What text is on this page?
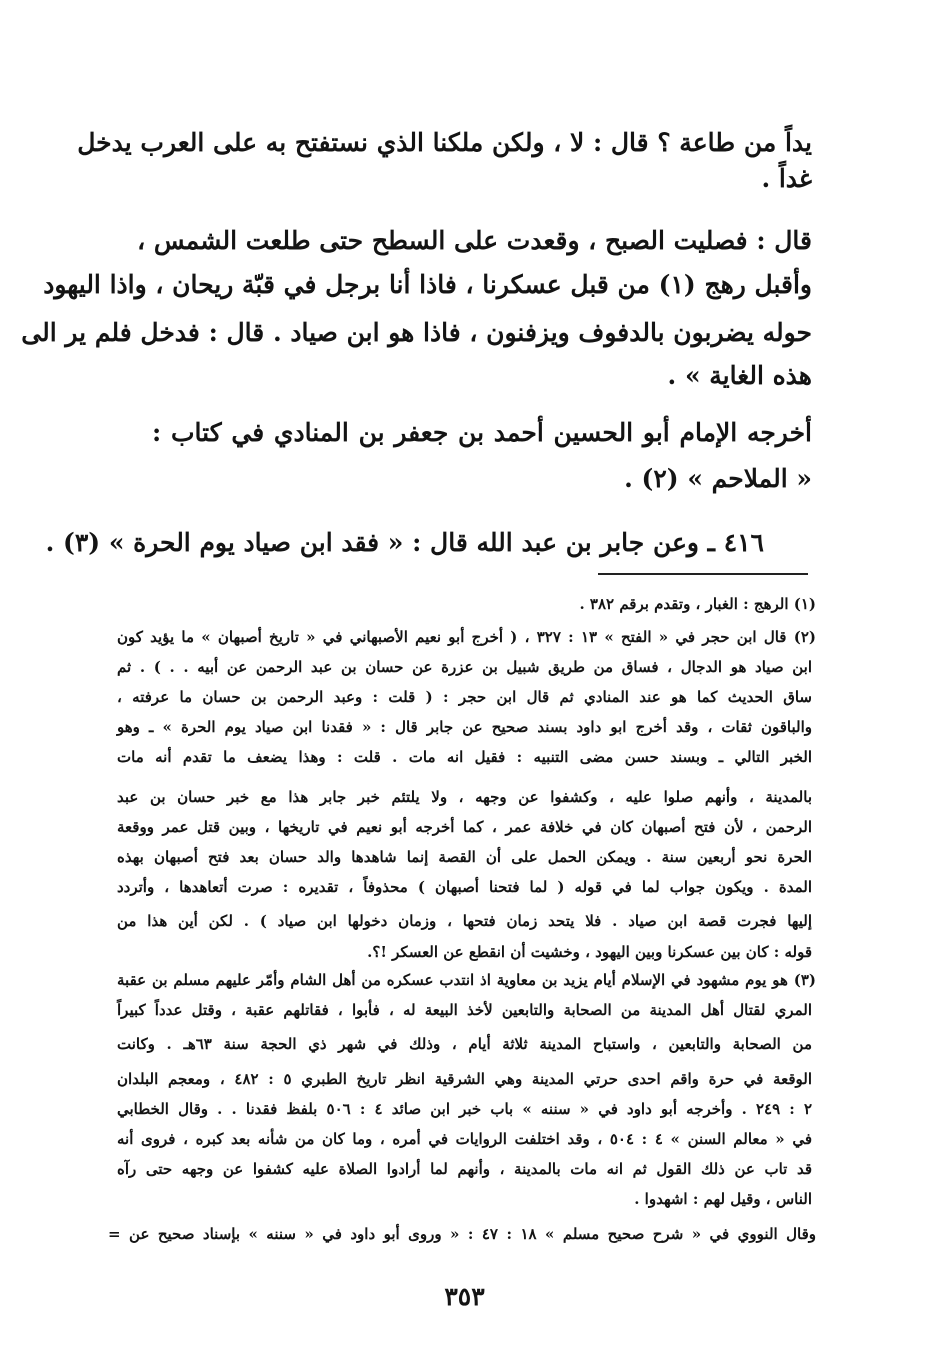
يداً من طاعة ؟ قال : لا ، ولكن ملكنا الذي نستفتح به على العرب يدخل
غداً .
قال : فصليت الصبح ، وقعدت على السطح حتى طلعت الشمس ،
وأقبل رهج (١) من قبل عسكرنا ، فاذا أنا برجل في قبّة ريحان ، واذا اليهود
حوله يضربون بالدفوف ويزفنون ، فاذا هو ابن صياد . قال : فدخل فلم ير الى
هذه الغاية » .
أخرجه الإمام أبو الحسين أحمد بن جعفر بن المنادي في كتاب :
« الملاحم » (٢) .
٤١٦ ـ وعن جابر بن عبد الله قال : « فقد ابن صياد يوم الحرة » (٣) .
(١) الرهج : الغبار ، وتقدم برقم ٣٨٢ .
(٢) قال ابن حجر في « الفتح » ١٣ : ٣٢٧ ، ( أخرج أبو نعيم الأصبهاني في « تاريخ أصبهان » ما يؤيد كون
ابن صياد هو الدجال ، فساق من طريق شبيل بن عزرة عن حسان بن عبد الرحمن عن أبيه . . ) . ثم
ساق الحديث كما هو عند المنادي ثم قال ابن حجر : ( قلت : وعبد الرحمن بن حسان ما عرفته ،
والباقون ثقات ، وقد أخرج ابو داود بسند صحيح عن جابر قال : « فقدنا ابن صياد يوم الحرة » ـ وهو
الخبر التالي ـ وبسند حسن مضى التنبيه : فقيل انه مات . قلت : وهذا يضعف ما تقدم أنه مات
بالمدينة ، وأنهم صلوا عليه ، وكشفوا عن وجهه ، ولا يلتئم خبر جابر هذا مع خبر حسان بن عبد
الرحمن ، لأن فتح أصبهان كان في خلافة عمر ، كما أخرجه أبو نعيم في تاريخها ، وبين قتل عمر ووقعة
الحرة نحو أربعين سنة . ويمكن الحمل على أن القصة إنما شاهدها والد حسان بعد فتح أصبهان بهذه
المدة . ويكون جواب لما في قوله ( لما فتحنا أصبهان ) محذوفاً ، تقديره : صرت أتعاهدها ، وأتردد
إليها فجرت قصة ابن صياد . فلا يتحد زمان فتحها ، وزمان دخولها ابن صياد ) . لكن أين هذا من
قوله : كان بين عسكرنا وبين اليهود ، وخشيت أن انقطع عن العسكر !؟.
(٣) هو يوم مشهود في الإسلام أيام يزيد بن معاوية اذ انتدب عسكره من أهل الشام وأمّر عليهم مسلم بن عقبة
المري لقتال أهل المدينة من الصحابة والتابعين لأخذ البيعة له ، فأبوا ، فقاتلهم عقبة ، وقتل عدداً كبيراً
من الصحابة والتابعين ، واستباح المدينة ثلاثة أيام ، وذلك في شهر ذي الحجة سنة ٦٣هـ . وكانت
الوقعة في حرة واقم احدى حرتي المدينة وهي الشرقية انظر تاريخ الطبري ٥ : ٤٨٢ ، ومعجم البلدان
٢ : ٢٤٩ . وأخرجه أبو داود في « سننه » باب خبر ابن صائد ٤ : ٥٠٦ بلفظ فقدنا . . وقال الخطابي
في « معالم السنن » ٤ : ٥٠٤ ، وقد اختلفت الروايات في أمره ، وما كان من شأنه بعد كبره ، فروى أنه
قد تاب عن ذلك القول ثم انه مات بالمدينة ، وأنهم لما أرادوا الصلاة عليه كشفوا عن وجهه حتى رآه
الناس ، وقيل لهم : اشهدوا .
وقال النووي في « شرح صحيح مسلم » ١٨ : ٤٧ : « وروى أبو داود في « سننه » بإسناد صحيح عن =
٣٥٣
